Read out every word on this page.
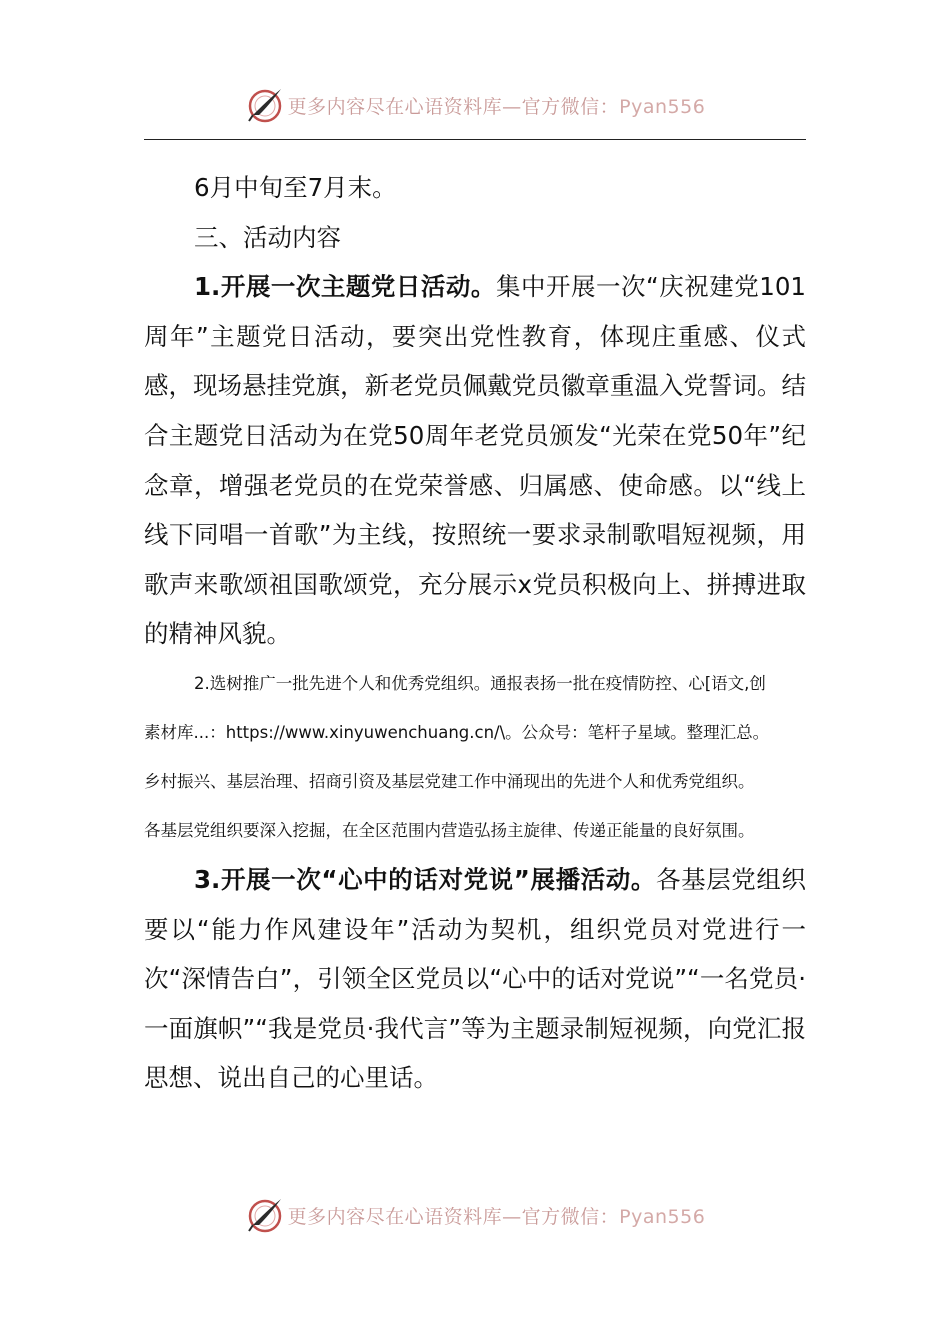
更多内容尽在心语资料库—官方微信：Pyan556

6月中旬至7月末。

三、活动内容

1.开展一次主题党日活动。集中开展一次“庆祝建党101周年”主题党日活动，要突出党性教育，体现庄重感、仪式感，现场悬挂党旗，新老党员佩戴党员徽章重温入党誓词。结合主题党日活动为在党50周年老党员颁发“光荣在党50年”纪念章，增强老党员的在党荣誉感、归属感、使命感。以“线上线下同唱一首歌”为主线，按照统一要求录制歌唱短视频，用歌声来歌颂祖国歌颂党，充分展示x党员积极向上、拼搏进取的精神风貌。

2.选树推广一批先进个人和优秀党组织。通报表扬一批在疫情防控、心[语文,创
素材库...：https://www.xinyuwenchuang.cn/\。公众号：笔杆子星域。整理汇总。
乡村振兴、基层治理、招商引资及基层党建工作中涌现出的先进个人和优秀党组织。
各基层党组织要深入挖掘，在全区范围内营造弘扬主旋律、传递正能量的良好氛围。

3.开展一次“心中的话对党说”展播活动。各基层党组织要以“能力作风建设年”活动为契机，组织党员对党进行一次“深情告白”，引领全区党员以“心中的话对党说”“一名党员·一面旗帜”“我是党员·我代言”等为主题录制短视频，向党汇报思想、说出自己的心里话。

更多内容尽在心语资料库—官方微信：Pyan556
